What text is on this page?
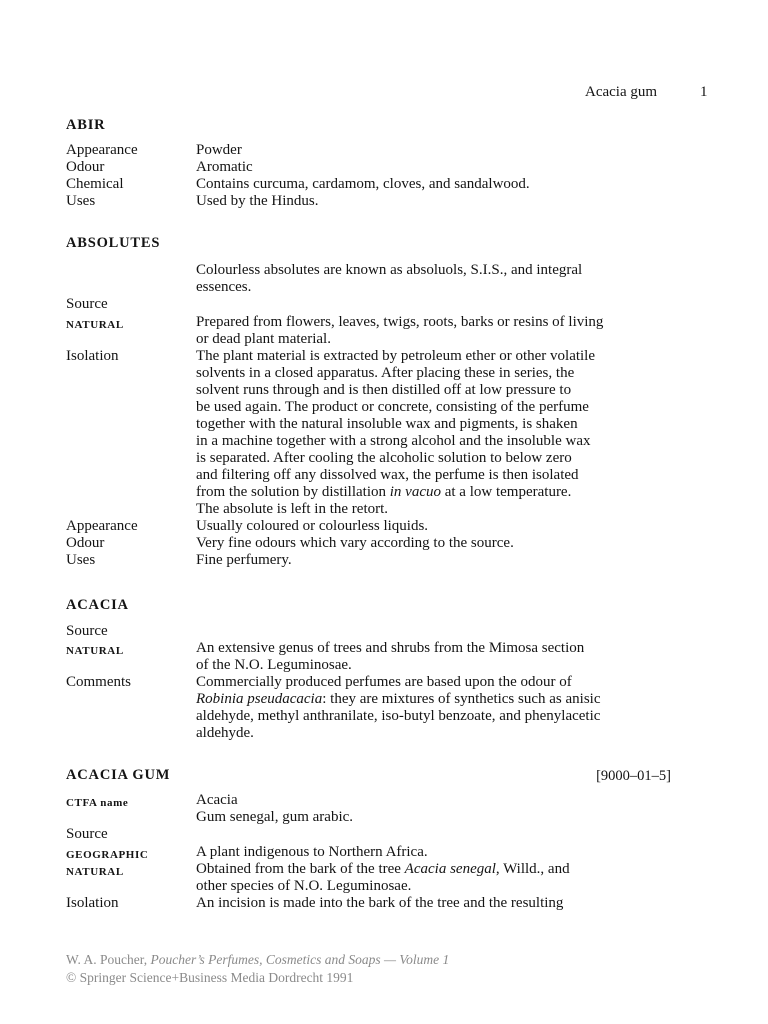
Acacia gum	1
ABIR
Appearance	Powder
Odour	Aromatic
Chemical	Contains curcuma, cardamom, cloves, and sandalwood.
Uses	Used by the Hindus.
ABSOLUTES
Colourless absolutes are known as absoluols, S.I.S., and integral
essences.
Source
NATURAL	Prepared from flowers, leaves, twigs, roots, barks or resins of living
or dead plant material.
Isolation	The plant material is extracted by petroleum ether or other volatile
solvents in a closed apparatus. After placing these in series, the
solvent runs through and is then distilled off at low pressure to
be used again. The product or concrete, consisting of the perfume
together with the natural insoluble wax and pigments, is shaken
in a machine together with a strong alcohol and the insoluble wax
is separated. After cooling the alcoholic solution to below zero
and filtering off any dissolved wax, the perfume is then isolated
from the solution by distillation in vacuo at a low temperature.
The absolute is left in the retort.
Appearance	Usually coloured or colourless liquids.
Odour	Very fine odours which vary according to the source.
Uses	Fine perfumery.
ACACIA
Source
NATURAL	An extensive genus of trees and shrubs from the Mimosa section
of the N.O. Leguminosae.
Comments	Commercially produced perfumes are based upon the odour of
Robinia pseudacacia: they are mixtures of synthetics such as anisic
aldehyde, methyl anthranilate, iso-butyl benzoate, and phenylacetic
aldehyde.
ACACIA GUM	[9000–01–5]
CTFA name	Acacia
Gum senegal, gum arabic.
Source
GEOGRAPHIC	A plant indigenous to Northern Africa.
NATURAL	Obtained from the bark of the tree Acacia senegal, Willd., and
other species of N.O. Leguminosae.
Isolation	An incision is made into the bark of the tree and the resulting
W. A. Poucher, Poucher’s Perfumes, Cosmetics and Soaps — Volume 1
© Springer Science+Business Media Dordrecht 1991
